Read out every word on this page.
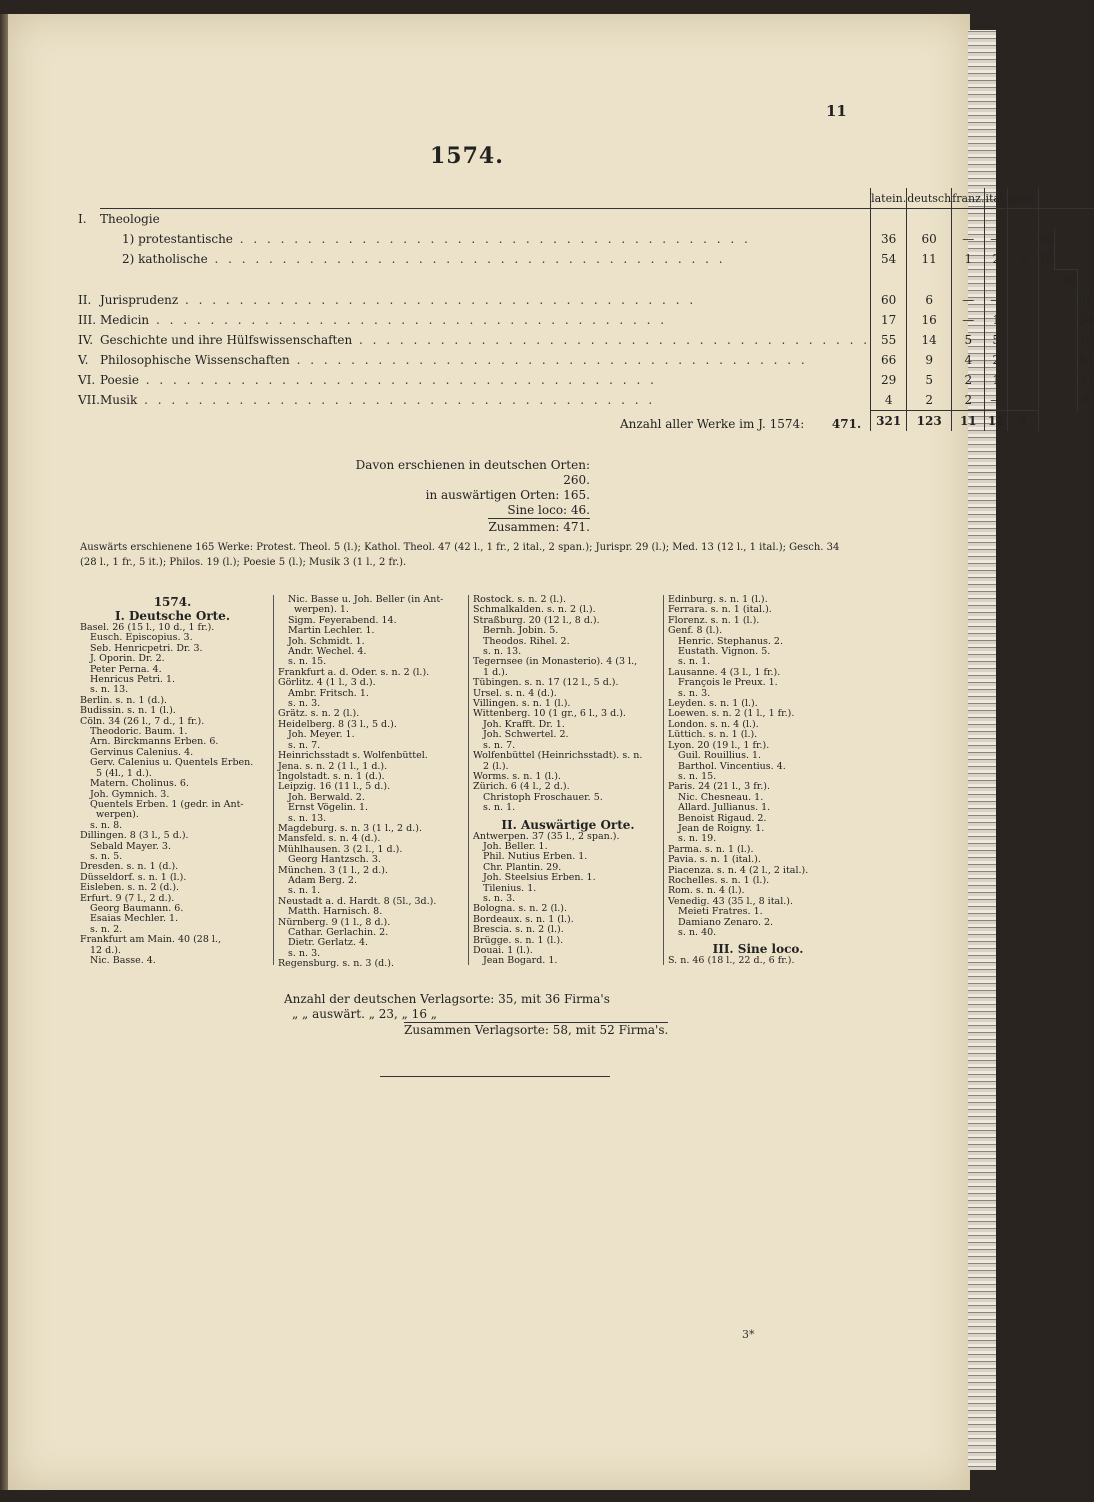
11
1574.
		latein.	deutsch	franz.	ital.	span.			
I.	Theologie								
	1) protestantische . . . . . . . . . . . . . . . . . . . . . . . . . . . . . . . . . . . . . .	36	60	—	—	—	96		
	2) katholische . . . . . . . . . . . . . . . . . . . . . . . . . . . . . . . . . . . . . .	54	11	1	2	2	70		
								166	
II.	Jurisprudenz . . . . . . . . . . . . . . . . . . . . . . . . . . . . . . . . . . . . . .	60	6	—	—	—			66
III.	Medicin . . . . . . . . . . . . . . . . . . . . . . . . . . . . . . . . . . . . . .	17	16	—	1	—			34
IV.	Geschichte und ihre Hülfswissenschaften . . . . . . . . . . . . . . . . . . . . . . . . . . . . . . . . . . . . . .	55	14	5	5	—			79
V.	Philosophische Wissenschaften . . . . . . . . . . . . . . . . . . . . . . . . . . . . . . . . . . . . . .	66	9	4	2	—			81
VI.	Poesie . . . . . . . . . . . . . . . . . . . . . . . . . . . . . . . . . . . . . .	29	5	2	1	—			37
VII.	Musik . . . . . . . . . . . . . . . . . . . . . . . . . . . . . . . . . . . . . .	4	2	2	—	—			8
		321	123	11	11	2			
Anzahl aller Werke im J. 1574: 471.
Davon erschienen in deutschen Orten: 260.
in auswärtigen Orten: 165.
Sine loco: 46.
Zusammen: 471.
Auswärts erschienene 165 Werke: Protest. Theol. 5 (l.); Kathol. Theol. 47 (42 l., 1 fr., 2 ital., 2 span.); Jurispr. 29 (l.); Med. 13 (12 l., 1 ital.); Gesch. 34 (28 l., 1 fr., 5 it.); Philos. 19 (l.); Poesie 5 (l.); Musik 3 (1 l., 2 fr.).
1574.
I. Deutsche Orte.
Basel. 26 (15 l., 10 d., 1 fr.).
Eusch. Episcopius. 3.
Seb. Henricpetri. Dr. 3.
J. Oporin. Dr. 2.
Peter Perna. 4.
Henricus Petri. 1.
s. n. 13.
Berlin. s. n. 1 (d.).
Budissin. s. n. 1 (l.).
Cöln. 34 (26 l., 7 d., 1 fr.).
Theodoric. Baum. 1.
Arn. Birckmanns Erben. 6.
Gervinus Calenius. 4.
Gerv. Calenius u. Quentels Erben.
5 (4l., 1 d.).
Matern. Cholinus. 6.
Joh. Gymnich. 3.
Quentels Erben. 1 (gedr. in Ant-
werpen).
s. n. 8.
Dillingen. 8 (3 l., 5 d.).
Sebald Mayer. 3.
s. n. 5.
Dresden. s. n. 1 (d.).
Düsseldorf. s. n. 1 (l.).
Eisleben. s. n. 2 (d.).
Erfurt. 9 (7 l., 2 d.).
Georg Baumann. 6.
Esaias Mechler. 1.
s. n. 2.
Frankfurt am Main. 40 (28 l.,
12 d.).
Nic. Basse. 4.
Nic. Basse u. Joh. Beller (in Ant-
werpen). 1.
Sigm. Feyerabend. 14.
Martin Lechler. 1.
Joh. Schmidt. 1.
Andr. Wechel. 4.
s. n. 15.
Frankfurt a. d. Oder. s. n. 2 (l.).
Görlitz. 4 (1 l., 3 d.).
Ambr. Fritsch. 1.
s. n. 3.
Grätz. s. n. 2 (l.).
Heidelberg. 8 (3 l., 5 d.).
Joh. Meyer. 1.
s. n. 7.
Heinrichsstadt s. Wolfenbüttel.
Jena. s. n. 2 (1 l., 1 d.).
Ingolstadt. s. n. 1 (d.).
Leipzig. 16 (11 l., 5 d.).
Joh. Berwald. 2.
Ernst Vögelin. 1.
s. n. 13.
Magdeburg. s. n. 3 (1 l., 2 d.).
Mansfeld. s. n. 4 (d.).
Mühlhausen. 3 (2 l., 1 d.).
Georg Hantzsch. 3.
München. 3 (1 l., 2 d.).
Adam Berg. 2.
s. n. 1.
Neustadt a. d. Hardt. 8 (5l., 3d.).
Matth. Harnisch. 8.
Nürnberg. 9 (1 l., 8 d.).
Cathar. Gerlachin. 2.
Dietr. Gerlatz. 4.
s. n. 3.
Regensburg. s. n. 3 (d.).
Rostock. s. n. 2 (l.).
Schmalkalden. s. n. 2 (l.).
Straßburg. 20 (12 l., 8 d.).
Bernh. Jobin. 5.
Theodos. Rihel. 2.
s. n. 13.
Tegernsee (in Monasterio). 4 (3 l.,
1 d.).
Tübingen. s. n. 17 (12 l., 5 d.).
Ursel. s. n. 4 (d.).
Villingen. s. n. 1 (l.).
Wittenberg. 10 (1 gr., 6 l., 3 d.).
Joh. Krafft. Dr. 1.
Joh. Schwertel. 2.
s. n. 7.
Wolfenbüttel (Heinrichsstadt). s. n.
2 (l.).
Worms. s. n. 1 (l.).
Zürich. 6 (4 l., 2 d.).
Christoph Froschauer. 5.
s. n. 1.
II. Auswärtige Orte.
Antwerpen. 37 (35 l., 2 span.).
Joh. Beller. 1.
Phil. Nutius Erben. 1.
Chr. Plantin. 29.
Joh. Steelsius Erben. 1.
Tilenius. 1.
s. n. 3.
Bologna. s. n. 2 (l.).
Bordeaux. s. n. 1 (l.).
Brescia. s. n. 2 (l.).
Brügge. s. n. 1 (l.).
Douai. 1 (l.).
Jean Bogard. 1.
Edinburg. s. n. 1 (l.).
Ferrara. s. n. 1 (ital.).
Florenz. s. n. 1 (l.).
Genf. 8 (l.).
Henric. Stephanus. 2.
Eustath. Vignon. 5.
s. n. 1.
Lausanne. 4 (3 l., 1 fr.).
François le Preux. 1.
s. n. 3.
Leyden. s. n. 1 (l.).
Loewen. s. n. 2 (1 l., 1 fr.).
London. s. n. 4 (l.).
Lüttich. s. n. 1 (l.).
Lyon. 20 (19 l., 1 fr.).
Guil. Rouillius. 1.
Barthol. Vincentius. 4.
s. n. 15.
Paris. 24 (21 l., 3 fr.).
Nic. Chesneau. 1.
Allard. Jullianus. 1.
Benoist Rigaud. 2.
Jean de Roigny. 1.
s. n. 19.
Parma. s. n. 1 (l.).
Pavia. s. n. 1 (ital.).
Piacenza. s. n. 4 (2 l., 2 ital.).
Rochelles. s. n. 1 (l.).
Rom. s. n. 4 (l.).
Venedig. 43 (35 l., 8 ital.).
Meieti Fratres. 1.
Damiano Zenaro. 2.
s. n. 40.
III. Sine loco.
S. n. 46 (18 l., 22 d., 6 fr.).
Anzahl der deutschen Verlagsorte: 35, mit 36 Firma's
„ „ auswärt. „ 23, „ 16 „
Zusammen Verlagsorte: 58, mit 52 Firma's.
3*
